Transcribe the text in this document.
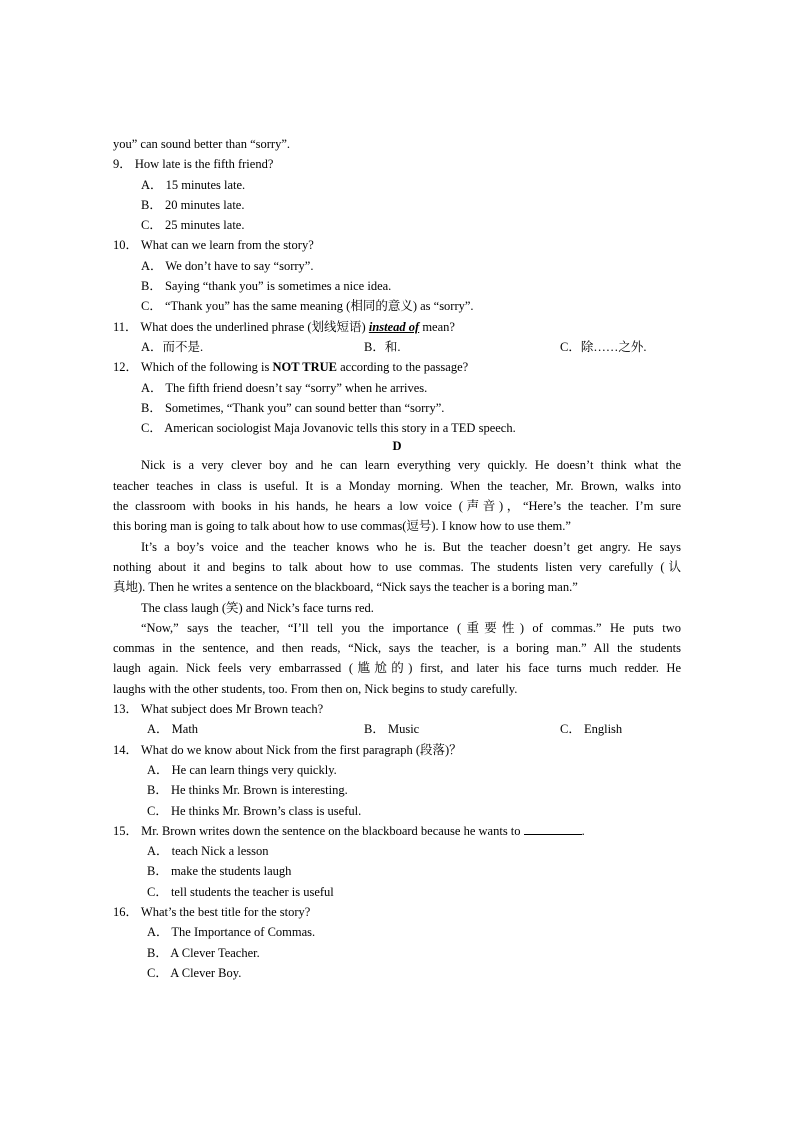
you” can sound better than “sorry”.
9． How late is the fifth friend?
A． 15 minutes late.
B． 20 minutes late.
C． 25 minutes late.
10． What can we learn from the story?
A． We don’t have to say “sorry”.
B． Saying “thank you” is sometimes a nice idea.
C． “Thank you” has the same meaning (相同的意义) as “sorry”.
11． What does the underlined phrase (划线短语) instead of mean?
A．而不是.	B．和.	C．除……之外.
12． Which of the following is NOT TRUE according to the passage?
A． The fifth friend doesn’t say “sorry” when he arrives.
B． Sometimes, “Thank you” can sound better than “sorry”.
C． American sociologist Maja Jovanovic tells this story in a TED speech.
D
Nick is a very clever boy and he can learn everything very quickly. He doesn’t think what the
teacher teaches in class is useful. It is a Monday morning. When the teacher, Mr. Brown, walks into
the classroom with books in his hands, he hears a low voice (声音)，“Here’s the teacher. I’m sure
this boring man is going to talk about how to use commas(逗号). I know how to use them.”
It’s a boy’s voice and the teacher knows who he is. But the teacher doesn’t get angry. He says
nothing about it and begins to talk about how to use commas. The students listen very carefully (认
真地). Then he writes a sentence on the blackboard, “Nick says the teacher is a boring man.”
The class laugh (笑) and Nick’s face turns red.
“Now,” says the teacher, “I’ll tell you the importance (重要性) of commas.” He puts two
commas in the sentence, and then reads, “Nick, says the teacher, is a boring man.” All the students
laugh again. Nick feels very embarrassed (尴尬的) first, and later his face turns much redder. He
laughs with the other students, too. From then on, Nick begins to study carefully.
13． What subject does Mr Brown teach?
A． Math	B． Music	C． English
14． What do we know about Nick from the first paragraph (段落)？
A． He can learn things very quickly.
B． He thinks Mr. Brown is interesting.
C． He thinks Mr. Brown’s class is useful.
15． Mr. Brown writes down the sentence on the blackboard because he wants to	.
A． teach Nick a lesson
B． make the students laugh
C． tell students the teacher is useful
16． What’s the best title for the story?
A． The Importance of Commas.
B． A Clever Teacher.
C． A Clever Boy.
